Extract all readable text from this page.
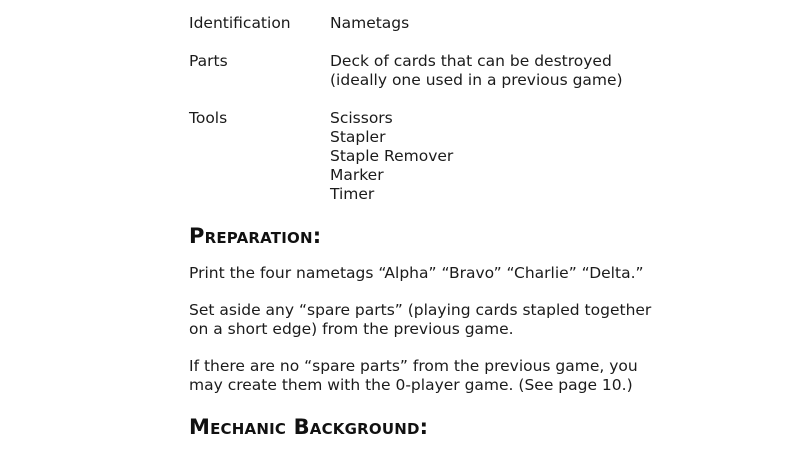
Identification	Nametags
Parts	Deck of cards that can be destroyed
(ideally one used in a previous game)
Tools	Scissors
Stapler
Staple Remover
Marker
Timer
Preparation:
Print the four nametags “Alpha” “Bravo” “Charlie” “Delta.”
Set aside any “spare parts” (playing cards stapled together
on a short edge) from the previous game.
If there are no “spare parts” from the previous game, you
may create them with the 0-player game. (See page 10.)
Mechanic Background:
